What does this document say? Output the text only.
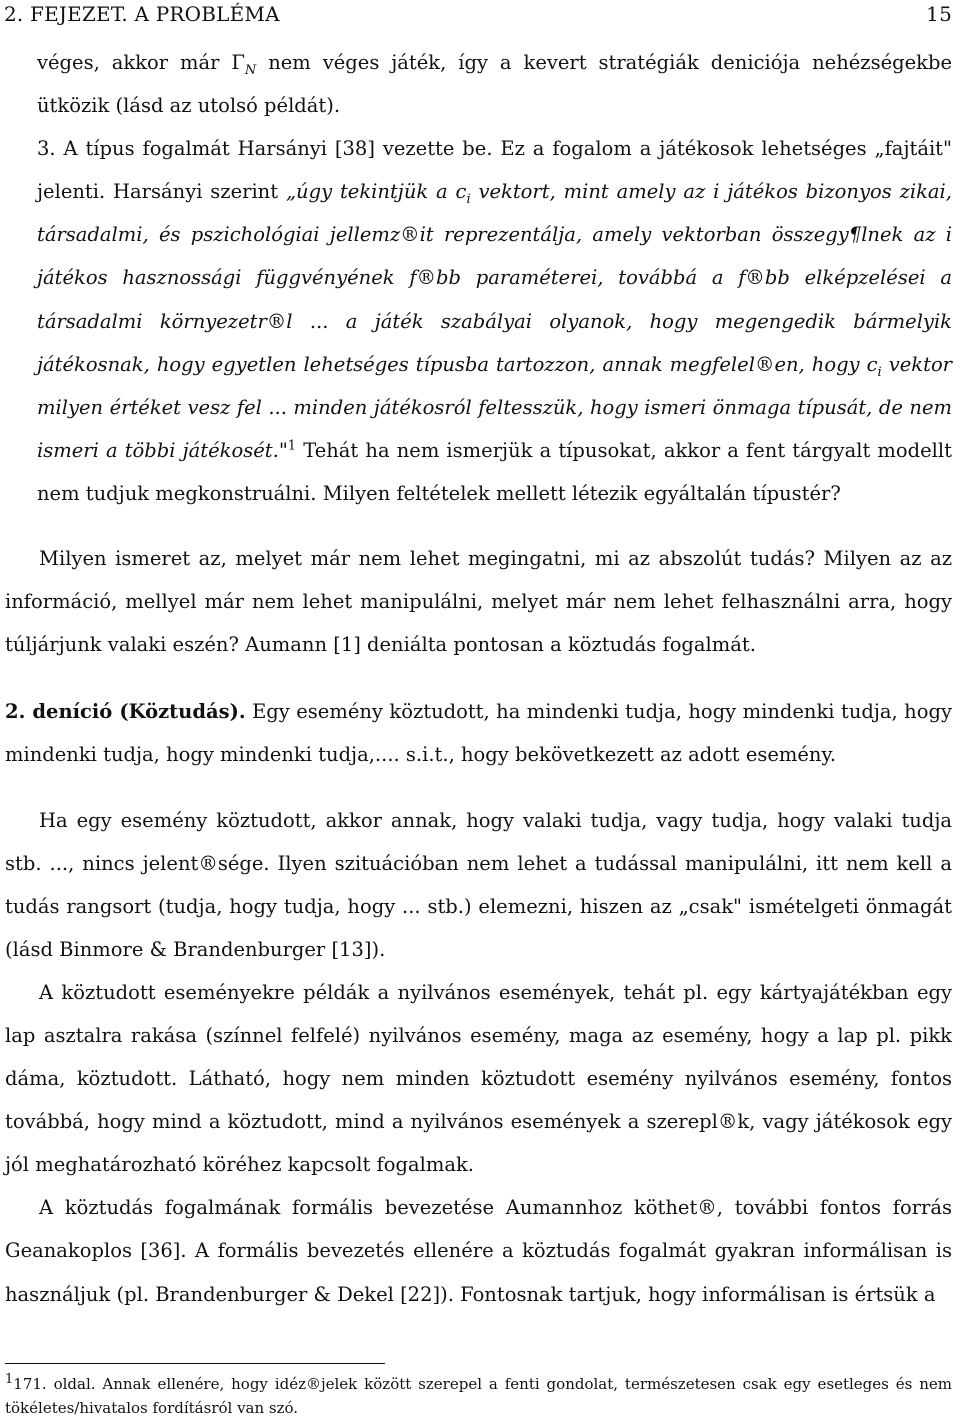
2. FEJEZET. A PROBLÉMA	15

véges, akkor már $\Gamma_N$ nem véges játék, így a kevert stratégiák deniciója nehézségekbe ütközik (lásd az utolsó példát).

3. A típus fogalmát Harsányi [38] vezette be. Ez a fogalom a játékosok lehetséges „fajtáit" jelenti. Harsányi szerint „úgy tekintjük a $c_i$ vektort, mint amely az i játékos bizonyos zikai, társadalmi, és pszichológiai jellemz®it reprezentálja, amely vektorban összegy¶lnek az i játékos hasznossági függvényének f®bb paraméterei, továbbá a f®bb elképzelései a társadalmi környezetr®l ... a játék szabályai olyanok, hogy megengedik bármelyik játékosnak, hogy egyetlen lehetséges típusba tartozzon, annak megfelel®en, hogy $c_i$ vektor milyen értéket vesz fel ... minden játékosról feltesszük, hogy ismeri önmaga típusát, de nem ismeri a többi játékosét."$^1$ Tehát ha nem ismerjük a típusokat, akkor a fent tárgyalt modellt nem tudjuk megkonstruálni. Milyen feltételek mellett létezik egyáltalán típustér?

Milyen ismeret az, melyet már nem lehet megingatni, mi az abszolút tudás? Milyen az az információ, mellyel már nem lehet manipulálni, melyet már nem lehet felhasználni arra, hogy túljárjunk valaki eszén? Aumann [1] deniálta pontosan a köztudás fogalmát.

2. deníció (Köztudás). Egy esemény köztudott, ha mindenki tudja, hogy mindenki tudja, hogy mindenki tudja, hogy mindenki tudja,.... s.i.t., hogy bekövetkezett az adott esemény.

Ha egy esemény köztudott, akkor annak, hogy valaki tudja, vagy tudja, hogy valaki tudja stb. ..., nincs jelent®sége. Ilyen szituációban nem lehet a tudással manipulálni, itt nem kell a tudás rangsort (tudja, hogy tudja, hogy ... stb.) elemezni, hiszen az „csak" ismételgeti önmagát (lásd Binmore & Brandenburger [13]).

A köztudott eseményekre példák a nyilvános események, tehát pl. egy kártyajátékban egy lap asztalra rakása (színnel felfelé) nyilvános esemény, maga az esemény, hogy a lap pl. pikk dáma, köztudott. Látható, hogy nem minden köztudott esemény nyilvános esemény, fontos továbbá, hogy mind a köztudott, mind a nyilvános események a szerepl®k, vagy játékosok egy jól meghatározható köréhez kapcsolt fogalmak.

A köztudás fogalmának formális bevezetése Aumannhoz köthet®, további fontos forrás Geanakoplos [36]. A formális bevezetés ellenére a köztudás fogalmát gyakran informálisan is használjuk (pl. Brandenburger & Dekel [22]). Fontosnak tartjuk, hogy informálisan is értsük a

$^1$171. oldal. Annak ellenére, hogy idéz®jelek között szerepel a fenti gondolat, természetesen csak egy esetleges és nem tökéletes/hivatalos fordításról van szó.
